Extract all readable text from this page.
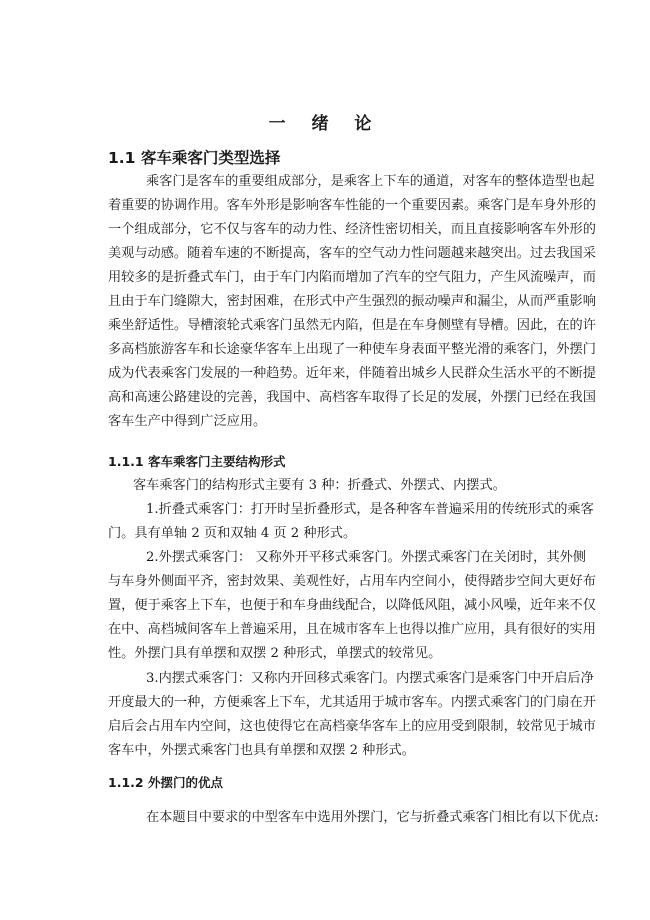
一 绪 论
1.1 客车乘客门类型选择
乘客门是客车的重要组成部分，是乘客上下车的通道，对客车的整体造型也起
着重要的协调作用。客车外形是影响客车性能的一个重要因素。乘客门是车身外形的
一个组成部分，它不仅与客车的动力性、经济性密切相关，而且直接影响客车外形的
美观与动感。随着车速的不断提高，客车的空气动力性问题越来越突出。过去我国采
用较多的是折叠式车门，由于车门内陷而增加了汽车的空气阻力，产生风流噪声，而
且由于车门缝隙大，密封困难，在形式中产生强烈的振动噪声和漏尘，从而严重影响
乘坐舒适性。导槽滚轮式乘客门虽然无内陷，但是在车身侧壁有导槽。因此，在的许
多高档旅游客车和长途豪华客车上出现了一种使车身表面平整光滑的乘客门，外摆门
成为代表乘客门发展的一种趋势。近年来，伴随着出城乡人民群众生活水平的不断提
高和高速公路建设的完善，我国中、高档客车取得了长足的发展，外摆门已经在我国
客车生产中得到广泛应用。
1.1.1 客车乘客门主要结构形式
客车乘客门的结构形式主要有 3 种：折叠式、外摆式、内摆式。
1.折叠式乘客门：打开时呈折叠形式，是各种客车普遍采用的传统形式的乘客
门。具有单轴 2 页和双轴 4 页 2 种形式。
2.外摆式乘客门： 又称外开平移式乘客门。外摆式乘客门在关闭时，其外侧
与车身外侧面平齐，密封效果、美观性好，占用车内空间小，使得踏步空间大更好布
置，便于乘客上下车，也便于和车身曲线配合，以降低风阻，减小风噪，近年来不仅
在中、高档城间客车上普遍采用，且在城市客车上也得以推广应用，具有很好的实用
性。外摆门具有单摆和双摆 2 种形式，单摆式的较常见。
3.内摆式乘客门：又称内开回移式乘客门。内摆式乘客门是乘客门中开启后净
开度最大的一种，方便乘客上下车，尤其适用于城市客车。内摆式乘客门的门扇在开
启后会占用车内空间，这也使得它在高档豪华客车上的应用受到限制，较常见于城市
客车中，外摆式乘客门也具有单摆和双摆 2 种形式。
1.1.2 外摆门的优点
在本题目中要求的中型客车中选用外摆门，它与折叠式乘客门相比有以下优点:
